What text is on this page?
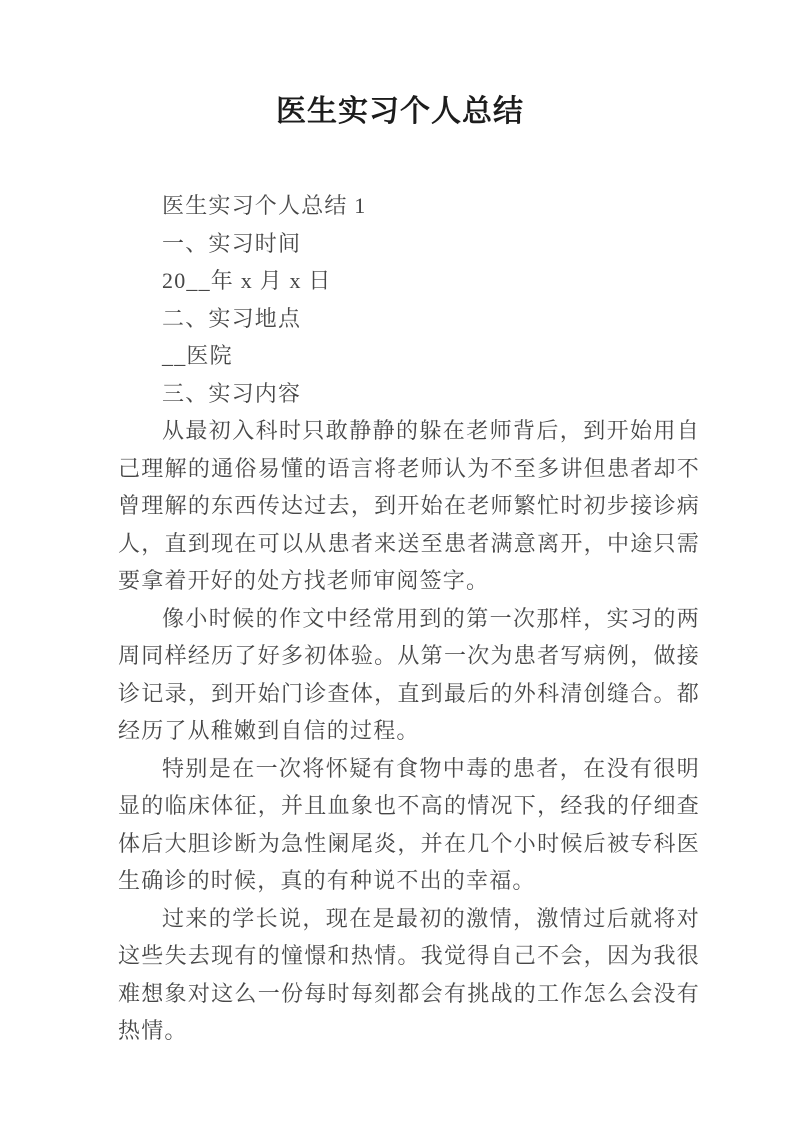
医生实习个人总结

医生实习个人总结 1

一、实习时间

20__年 x 月 x 日

二、实习地点

__医院

三、实习内容

从最初入科时只敢静静的躲在老师背后，到开始用自己理解的通俗易懂的语言将老师认为不至多讲但患者却不曾理解的东西传达过去，到开始在老师繁忙时初步接诊病人，直到现在可以从患者来送至患者满意离开，中途只需要拿着开好的处方找老师审阅签字。

像小时候的作文中经常用到的第一次那样，实习的两周同样经历了好多初体验。从第一次为患者写病例，做接诊记录，到开始门诊查体，直到最后的外科清创缝合。都经历了从稚嫩到自信的过程。

特别是在一次将怀疑有食物中毒的患者，在没有很明显的临床体征，并且血象也不高的情况下，经我的仔细查体后大胆诊断为急性阑尾炎，并在几个小时候后被专科医生确诊的时候，真的有种说不出的幸福。

过来的学长说，现在是最初的激情，激情过后就将对这些失去现有的憧憬和热情。我觉得自己不会，因为我很难想象对这么一份每时每刻都会有挑战的工作怎么会没有热情。
